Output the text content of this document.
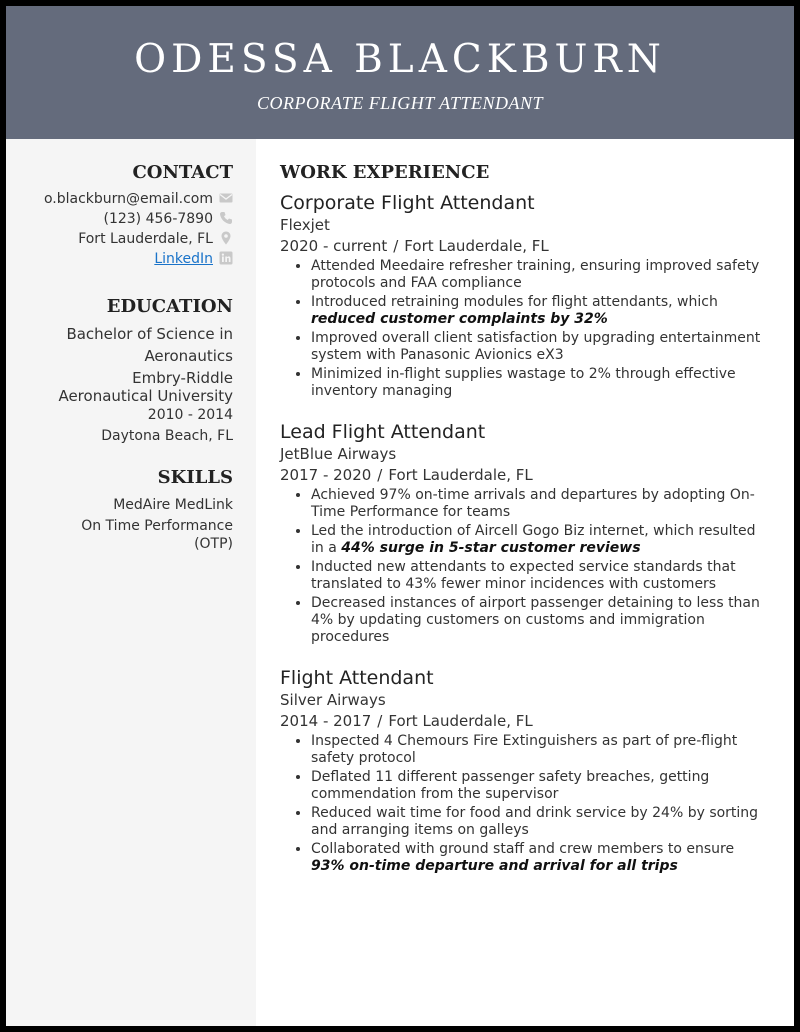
ODESSA BLACKBURN
CORPORATE FLIGHT ATTENDANT
CONTACT
o.blackburn@email.com
(123) 456-7890
Fort Lauderdale, FL
LinkedIn
EDUCATION
Bachelor of Science in
Aeronautics
Embry-Riddle
Aeronautical University
2010 - 2014
Daytona Beach, FL
SKILLS
MedAire MedLink
On Time Performance
(OTP)
WORK EXPERIENCE
Corporate Flight Attendant
Flexjet
2020 - current / Fort Lauderdale, FL
• Attended Meedaire refresher training, ensuring improved safety protocols and FAA compliance
• Introduced retraining modules for flight attendants, which reduced customer complaints by 32%
• Improved overall client satisfaction by upgrading entertainment system with Panasonic Avionics eX3
• Minimized in-flight supplies wastage to 2% through effective inventory managing
Lead Flight Attendant
JetBlue Airways
2017 - 2020 / Fort Lauderdale, FL
• Achieved 97% on-time arrivals and departures by adopting On-Time Performance for teams
• Led the introduction of Aircell Gogo Biz internet, which resulted in a 44% surge in 5-star customer reviews
• Inducted new attendants to expected service standards that translated to 43% fewer minor incidences with customers
• Decreased instances of airport passenger detaining to less than 4% by updating customers on customs and immigration procedures
Flight Attendant
Silver Airways
2014 - 2017 / Fort Lauderdale, FL
• Inspected 4 Chemours Fire Extinguishers as part of pre-flight safety protocol
• Deflated 11 different passenger safety breaches, getting commendation from the supervisor
• Reduced wait time for food and drink service by 24% by sorting and arranging items on galleys
• Collaborated with ground staff and crew members to ensure 93% on-time departure and arrival for all trips
